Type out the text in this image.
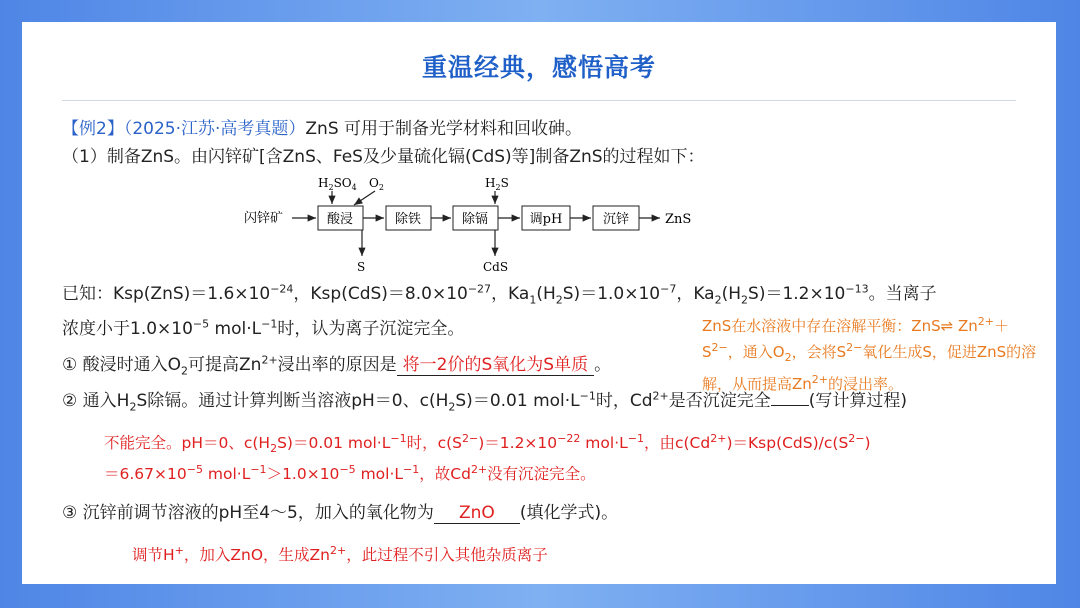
重温经典，感悟高考
【例2】（2025·江苏·高考真题）ZnS 可用于制备光学材料和回收砷。
（1）制备ZnS。由闪锌矿[含ZnS、FeS及少量硫化镉(CdS)等]制备ZnS的过程如下：
闪锌矿	酸浸	除铁	除镉	调pH	沉锌	ZnS
$H_2SO_4$ $O_2$	$H_2S$
S	CdS
已知：$Ksp(ZnS)=1.6\times 10^{-24}$，$Ksp(CdS)=8.0\times 10^{-27}$，$Ka_1(H_2S)=1.0\times 10^{-7}$，$Ka_2(H_2S)=1.2\times 10^{-13}$。当离子
浓度小于$1.0\times 10^{-5}$ $mol\cdot L^{-1}$时，认为离子沉淀完全。	ZnS在水溶液中存在溶解平衡：ZnS⇌ $Zn^{2+}+S^{2-}$，通入$O_2$，会将$S^{2-}$氧化生成S，促进ZnS的溶解，从而提高$Zn^{2+}$的浸出率。
① 酸浸时通入$O_2$可提高$Zn^{2+}$浸出率的原因是 将一2价的S氧化为S单质 。
② 通入$H_2S$除镉。通过计算判断当溶液pH＝0、$c(H_2S)=0.01$ $mol\cdot L^{-1}$时，$Cd^{2+}$是否沉淀完全 (写计算过程)
不能完全。pH＝0、$c(H_2S)=0.01$ $mol\cdot L^{-1}$时，$c(S^{2-})=1.2\times 10^{-22}$ $mol\cdot L^{-1}$，由$c(Cd^{2+})=Ksp(CdS)/c(S^{2-})$
$=6.67\times 10^{-5}$ $mol\cdot L^{-1}>1.0\times 10^{-5}$ $mol\cdot L^{-1}$，故$Cd^{2+}$没有沉淀完全。
③ 沉锌前调节溶液的pH至4～5，加入的氧化物为 ZnO (填化学式)。
调节H+，加入ZnO，生成$Zn^{2+}$，此过程不引入其他杂质离子
